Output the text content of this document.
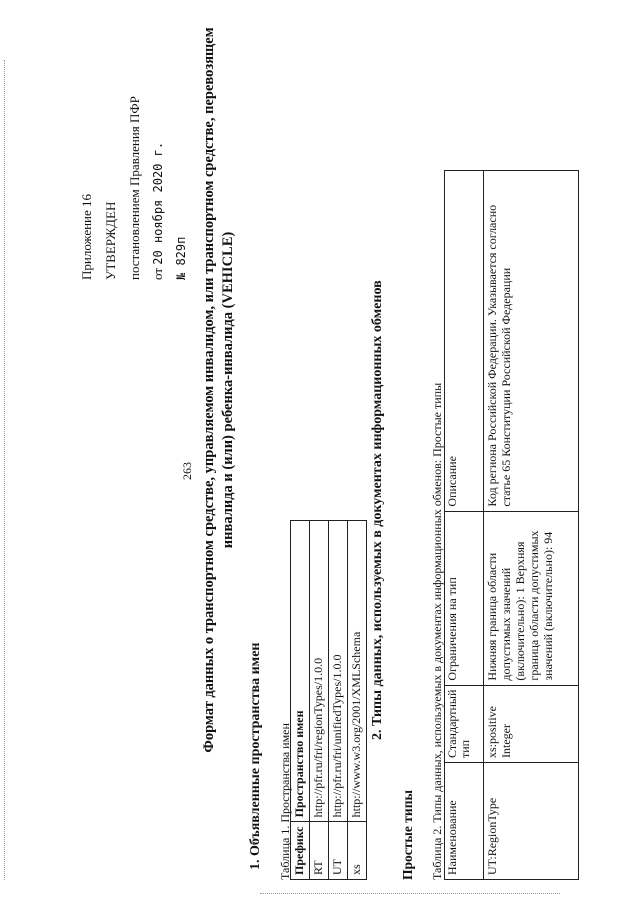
263
Приложение 16 УТВЕРЖДЕН постановлением Правления ПФР от 20 ноября 2020 г. № 829п Формат данных о транспортном средстве, управляемом инвалидом, или транспортном средстве, перевозящем инвалида и (или) ребенка-инвалида (VEHICLE)
1. Объявленные пространства имен Таблица 1. Пространства имен Префикс	Пространство имен
RT	http://pfr.ru/fri/regionTypes/1.0.0
UT	http://pfr.ru/fri/unifiedTypes/1.0.0
xs	http://www.w3.org/2001/XMLSchema 2. Типы данных, используемых в документах информационных обменов
Простые типы Таблица 2. Типы данных, используемых в документах информационных обменов: Простые типы Наименование	Стандартный тип	Ограничения на тип	Описание
UT:RegionType	xs:positive Integer	Нижняя граница области допустимых значений (включительно): 1 Верхняя граница области допустимых значений (включительно): 94	Код региона Российской Федерации. Указывается согласно статье 65 Конституции Российской Федерации
